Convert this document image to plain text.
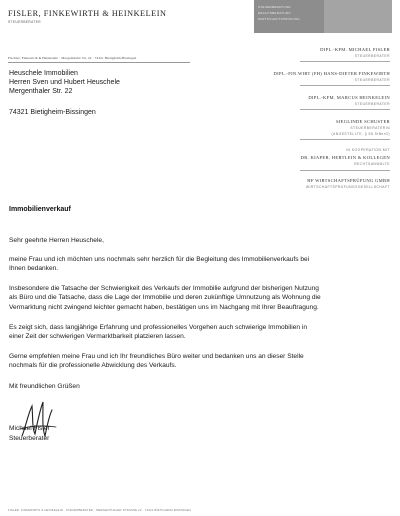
FISLER, FINKEWIRTH & HEINKELEIN
STEUERBERATER
STEUERBERATUNG
RECHTSBERATUNG
WIRTSCHAFTSPRÜFUNG
Fischler, Finkewirth & Heinkelein · Mergenthaler Str. 22 · 74321 Bietigheim-Bissingen
Heuschele Immobilien
Herren Sven und Hubert Heuschele
Mergenthaler Str. 22
74321 Bietigheim-Bissingen
DIPL.-KFM. MICHAEL FISLER
STEUERBERATER
DIPL.-FIN.WIRT (FH) HANS-DIETER FINKEWIRTH
STEUERBERATER
DIPL.-KFM. MARCUS HEINKELEIN
STEUERBERATER
SIEGLINDE SCHUSTER
STEUERBERATERIN
(ANGESTELLTE, § 58 StBerG)
IN KOOPERATION MIT
DR. KIAPER, HERTLEIN & KOLLEGEN
RECHTSANWÄLTE
HF WIRTSCHAFTSPRÜFUNG GMBH
WIRTSCHAFTSPRÜFUNGSGESELLSCHAFT
Immobilienverkauf
Sehr geehrte Herren Heuschele,
meine Frau und ich möchten uns nochmals sehr herzlich für die Begleitung des Immobilienverkaufs bei
Ihnen bedanken.
Insbesondere die Tatsache der Schwierigkeit des Verkaufs der Immobilie aufgrund der bisherigen Nutzung
als Büro und die Tatsache, dass die Lage der Immobilie und deren zukünftige Umnutzung als Wohnung die
Vermarktung nicht zwingend leichter gemacht haben, bestätigen uns im Nachgang mit Ihrer Beauftragung.
Es zeigt sich, dass langjährige Erfahrung und professionelles Vorgehen auch schwierige Immobilien in
einer Zeit der schwierigen Vermarktbarkeit platzieren lassen.
Gerne empfehlen meine Frau und ich Ihr freundliches Büro weiter und bedanken uns an dieser Stelle
nochmals für die professionelle Abwicklung des Verkaufs.
Mit freundlichen Grüßen
Michael Fisler
Steuerberater
FISLER, FINKEWIRTH & HEINKELEIN · STEUERBERATER · MERGENTHALER STRASSE 22 · 74321 BIETIGHEIM-BISSINGEN
